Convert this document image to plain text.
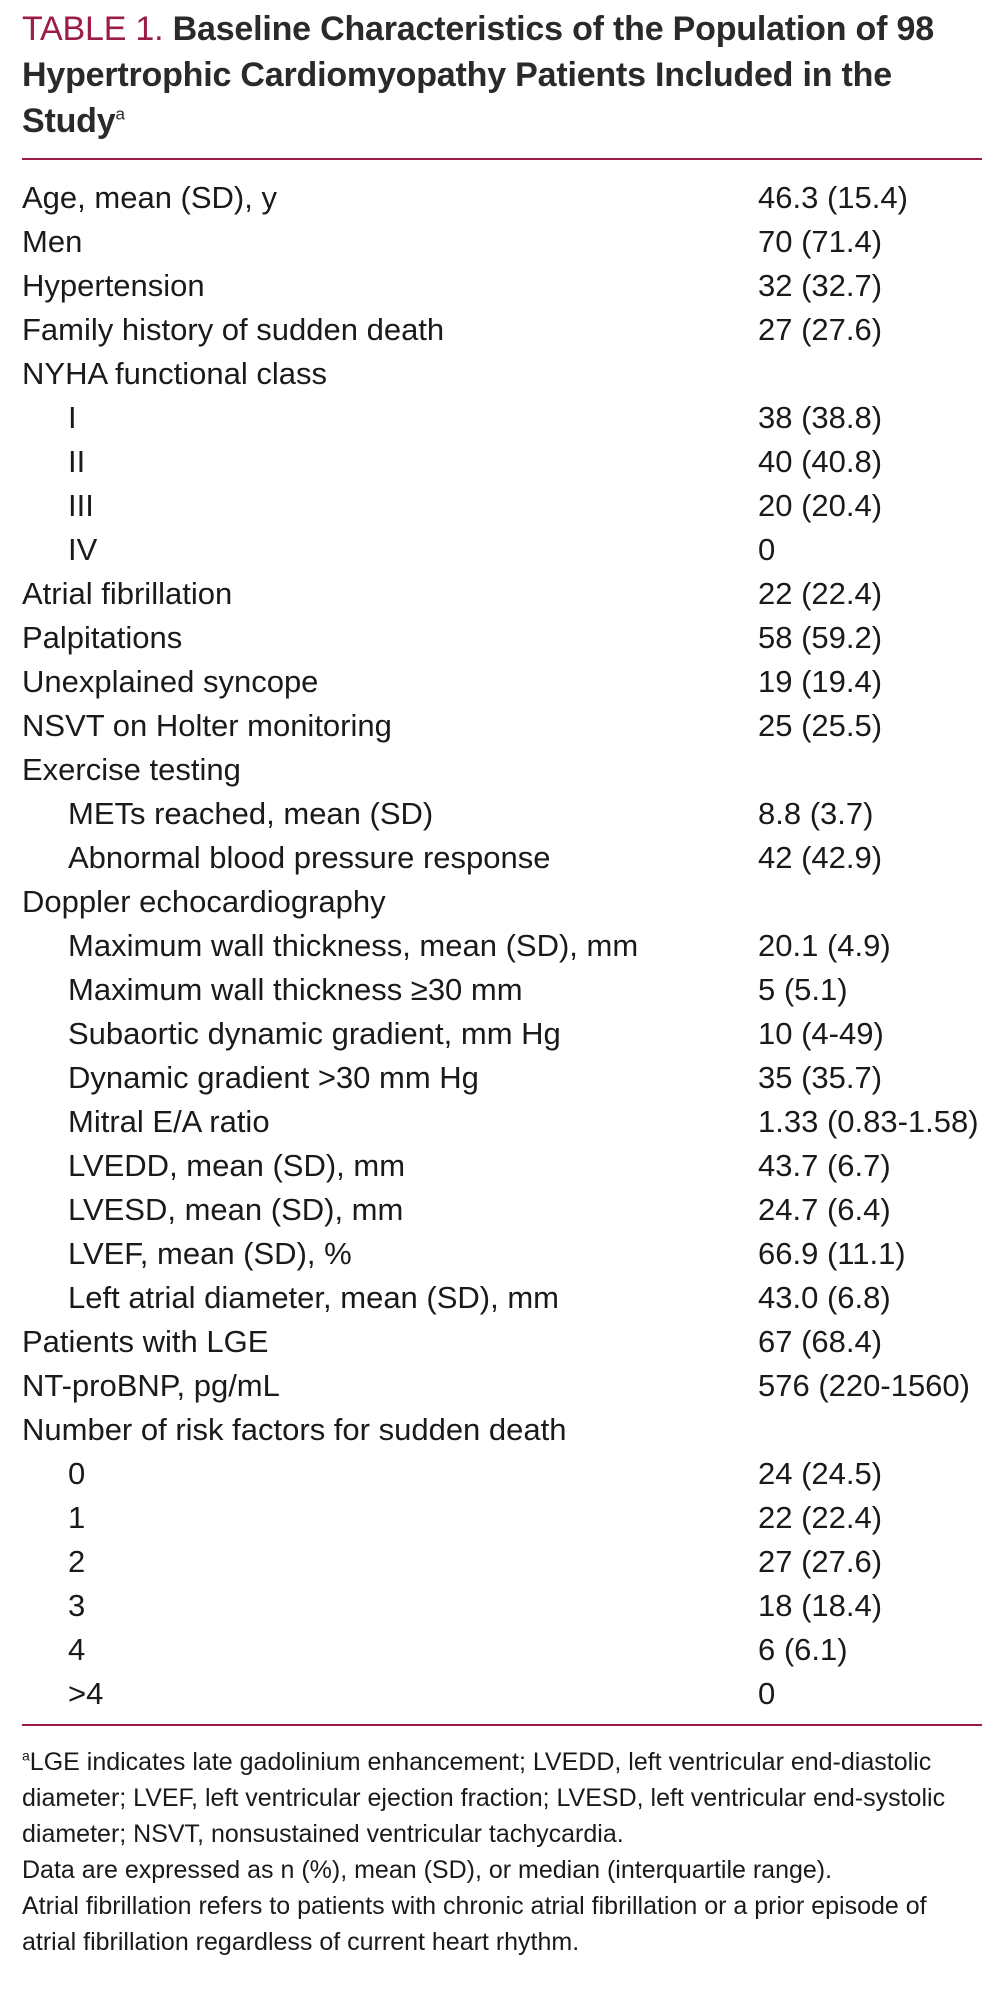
TABLE 1. Baseline Characteristics of the Population of 98 Hypertrophic Cardiomyopathy Patients Included in the Study$^a$
Age, mean (SD), y	46.3 (15.4)
Men	70 (71.4)
Hypertension	32 (32.7)
Family history of sudden death	27 (27.6)
NYHA functional class
I	38 (38.8)
II	40 (40.8)
III	20 (20.4)
IV	0
Atrial fibrillation	22 (22.4)
Palpitations	58 (59.2)
Unexplained syncope	19 (19.4)
NSVT on Holter monitoring	25 (25.5)
Exercise testing
METs reached, mean (SD)	8.8 (3.7)
Abnormal blood pressure response	42 (42.9)
Doppler echocardiography
Maximum wall thickness, mean (SD), mm	20.1 (4.9)
Maximum wall thickness ≥30 mm	5 (5.1)
Subaortic dynamic gradient, mm Hg	10 (4-49)
Dynamic gradient >30 mm Hg	35 (35.7)
Mitral E/A ratio	1.33 (0.83-1.58)
LVEDD, mean (SD), mm	43.7 (6.7)
LVESD, mean (SD), mm	24.7 (6.4)
LVEF, mean (SD), %	66.9 (11.1)
Left atrial diameter, mean (SD), mm	43.0 (6.8)
Patients with LGE	67 (68.4)
NT-proBNP, pg/mL	576 (220-1560)
Number of risk factors for sudden death
0	24 (24.5)
1	22 (22.4)
2	27 (27.6)
3	18 (18.4)
4	6 (6.1)
>4	0

$^a$LGE indicates late gadolinium enhancement; LVEDD, left ventricular end-diastolic diameter; LVEF, left ventricular ejection fraction; LVESD, left ventricular end-systolic diameter; NSVT, nonsustained ventricular tachycardia.

Data are expressed as n (%), mean (SD), or median (interquartile range).

Atrial fibrillation refers to patients with chronic atrial fibrillation or a prior episode of atrial fibrillation regardless of current heart rhythm.
